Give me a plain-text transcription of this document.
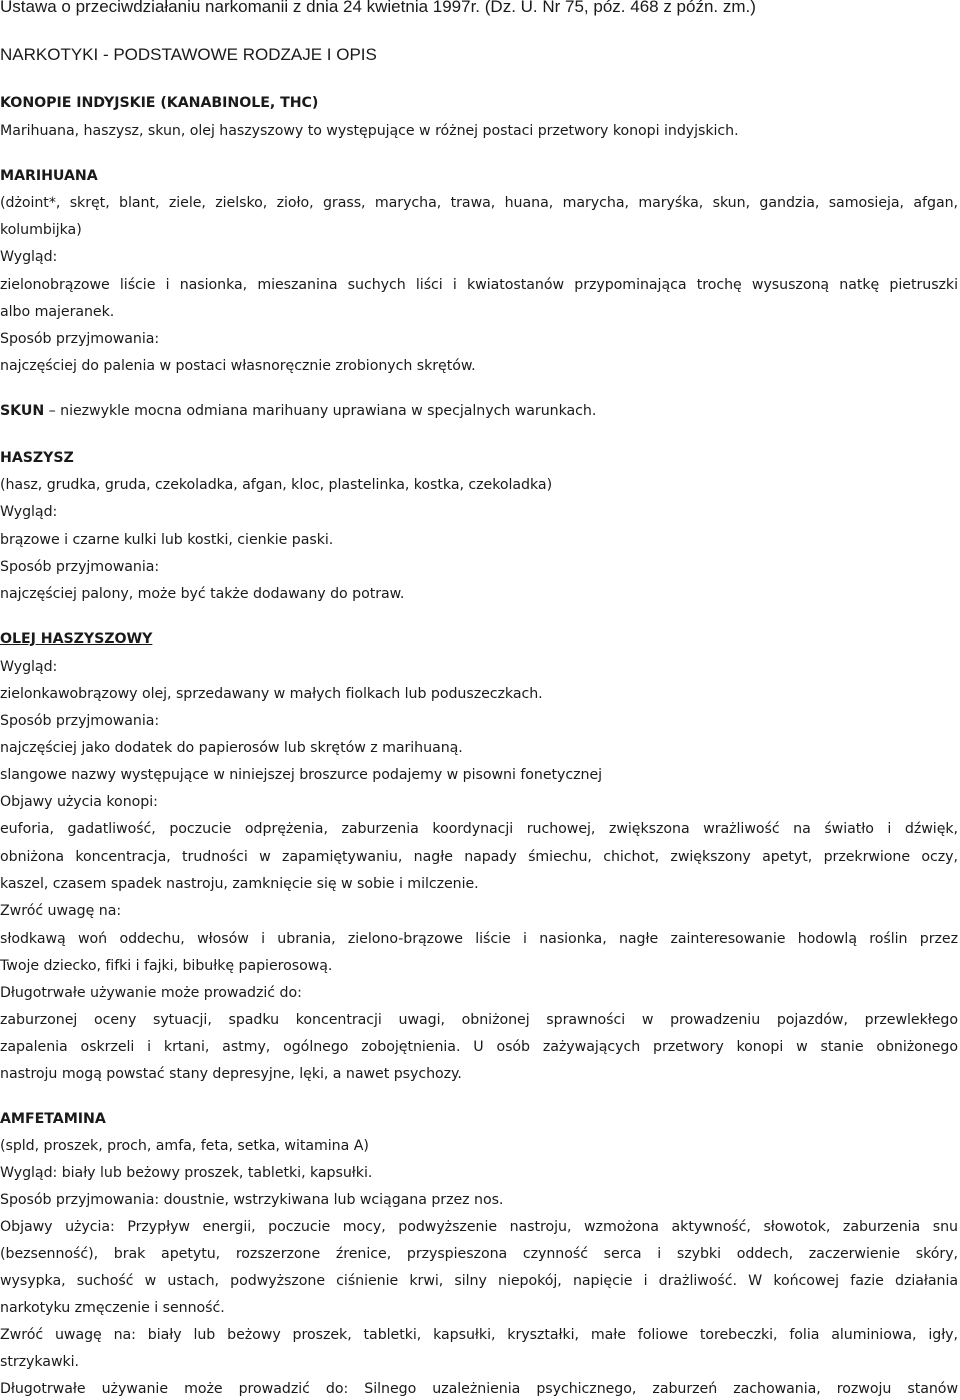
Ustawa o przeciwdziałaniu narkomanii z dnia 24 kwietnia 1997r. (Dz. U. Nr 75, póz. 468 z późn. zm.)
NARKOTYKI - PODSTAWOWE RODZAJE I OPIS
KONOPIE INDYJSKIE (KANABINOLE, THC)
Marihuana, haszysz, skun, olej haszyszowy to występujące w różnej postaci przetwory konopi indyjskich.
MARIHUANA
(dżoint*, skręt, blant, ziele, zielsko, zioło, grass, marycha, trawa, huana, marycha, maryśka, skun, gandzia, samosieja, afgan,
kolumbijka)
Wygląd:
zielonobrązowe liście i nasionka, mieszanina suchych liści i kwiatostanów przypominająca trochę wysuszoną natkę pietruszki
albo majeranek.
Sposób przyjmowania:
najczęściej do palenia w postaci własnoręcznie zrobionych skrętów.
SKUN – niezwykle mocna odmiana marihuany uprawiana w specjalnych warunkach.
HASZYSZ
(hasz, grudka, gruda, czekoladka, afgan, kloc, plastelinka, kostka, czekoladka)
Wygląd:
brązowe i czarne kulki lub kostki, cienkie paski.
Sposób przyjmowania:
najczęściej palony, może być także dodawany do potraw.
OLEJ HASZYSZOWY
Wygląd:
zielonkawobrązowy olej, sprzedawany w małych fiolkach lub poduszeczkach.
Sposób przyjmowania:
najczęściej jako dodatek do papierosów lub skrętów z marihuaną.
slangowe nazwy występujące w niniejszej broszurce podajemy w pisowni fonetycznej
Objawy użycia konopi:
euforia, gadatliwość, poczucie odprężenia, zaburzenia koordynacji ruchowej, zwiększona wrażliwość na światło i dźwięk,
obniżona koncentracja, trudności w zapamiętywaniu, nagłe napady śmiechu, chichot, zwiększony apetyt, przekrwione oczy,
kaszel, czasem spadek nastroju, zamknięcie się w sobie i milczenie.
Zwróć uwagę na:
słodkawą woń oddechu, włosów i ubrania, zielono-brązowe liście i nasionka, nagłe zainteresowanie hodowlą roślin przez
Twoje dziecko, fifki i fajki, bibułkę papierosową.
Długotrwałe używanie może prowadzić do:
zaburzonej oceny sytuacji, spadku koncentracji uwagi, obniżonej sprawności w prowadzeniu pojazdów, przewlekłego
zapalenia oskrzeli i krtani, astmy, ogólnego zobojętnienia. U osób zażywających przetwory konopi w stanie obniżonego
nastroju mogą powstać stany depresyjne, lęki, a nawet psychozy.
AMFETAMINA
(spld, proszek, proch, amfa, feta, setka, witamina A)
Wygląd: biały lub beżowy proszek, tabletki, kapsułki.
Sposób przyjmowania: doustnie, wstrzykiwana lub wciągana przez nos.
Objawy użycia: Przypływ energii, poczucie mocy, podwyższenie nastroju, wzmożona aktywność, słowotok, zaburzenia snu
(bezsenność), brak apetytu, rozszerzone źrenice, przyspieszona czynność serca i szybki oddech, zaczerwienie skóry,
wysypka, suchość w ustach, podwyższone ciśnienie krwi, silny niepokój, napięcie i drażliwość. W końcowej fazie działania
narkotyku zmęczenie i senność.
Zwróć uwagę na: biały lub beżowy proszek, tabletki, kapsułki, kryształki, małe foliowe torebeczki, folia aluminiowa, igły,
strzykawki.
Długotrwałe używanie może prowadzić do: Silnego uzależnienia psychicznego, zaburzeń zachowania, rozwoju stanów
